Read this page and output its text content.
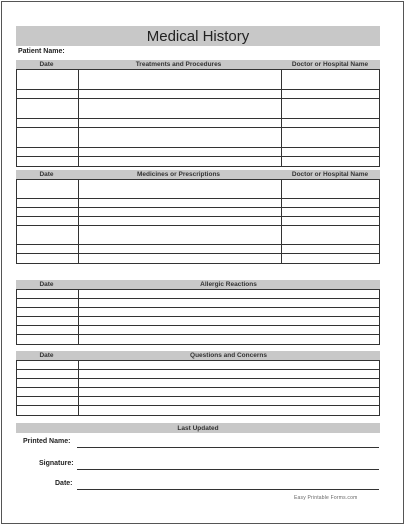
Medical History
Patient Name:
Date	Treatments and Procedures	Doctor or Hospital Name
Date	Medicines or Prescriptions	Doctor or Hospital Name
Date	Allergic Reactions
Date	Questions and Concerns
Last Updated
Printed Name:
Signature:
Date:
Easy Printable Forms.com
